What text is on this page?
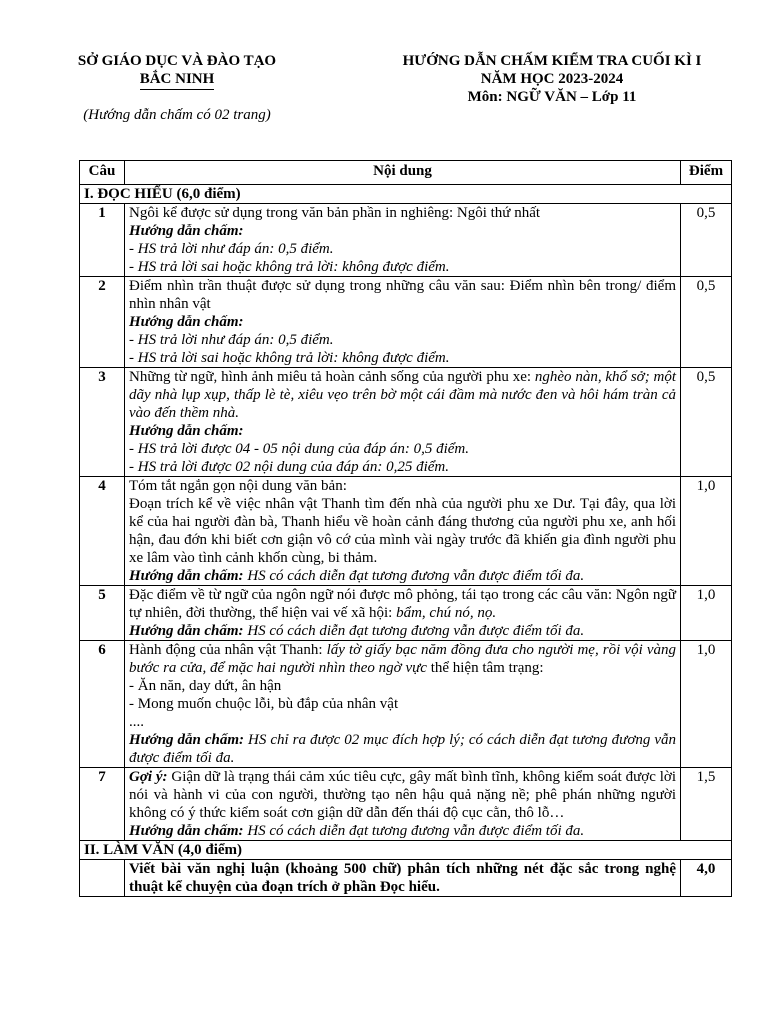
SỞ GIÁO DỤC VÀ ĐÀO TẠO
BẮC NINH
(Hướng dẫn chấm có 02 trang)
HƯỚNG DẪN CHẤM KIỂM TRA CUỐI KÌ I
NĂM HỌC 2023-2024
Môn: NGỮ VĂN – Lớp 11
Câu	Nội dung	Điểm
I. ĐỌC HIỂU (6,0 điểm)		
1	Ngôi kể được sử dụng trong văn bản phần in nghiêng: Ngôi thứ nhất
Hướng dẫn chấm:
- HS trả lời như đáp án: 0,5 điểm.
- HS trả lời sai hoặc không trả lời: không được điểm.	0,5
2	Điểm nhìn trần thuật được sử dụng trong những câu văn sau: Điểm nhìn bên trong/ điểm nhìn nhân vật
Hướng dẫn chấm:
- HS trả lời như đáp án: 0,5 điểm.
- HS trả lời sai hoặc không trả lời: không được điểm.	0,5
3	Những từ ngữ, hình ảnh miêu tả hoàn cảnh sống của người phu xe: nghèo nàn, khổ sở; một dãy nhà lụp xụp, thấp lè tè, xiêu vẹo trên bờ một cái đầm mà nước đen và hôi hám tràn cả vào đến thềm nhà.
Hướng dẫn chấm:
- HS trả lời được 04 - 05 nội dung của đáp án: 0,5 điểm.
- HS trả lời được 02 nội dung của đáp án: 0,25 điểm.	0,5
4	Tóm tắt ngắn gọn nội dung văn bản:
Đoạn trích kể về việc nhân vật Thanh tìm đến nhà của người phu xe Dư. Tại đây, qua lời kể của hai người đàn bà, Thanh hiểu về hoàn cảnh đáng thương của người phu xe, anh hối hận, đau đớn khi biết cơn giận vô cớ của mình vài ngày trước đã khiến gia đình người phu xe lâm vào tình cảnh khốn cùng, bi thảm.
Hướng dẫn chấm: HS có cách diễn đạt tương đương vẫn được điểm tối đa.	1,0
5	Đặc điểm về từ ngữ của ngôn ngữ nói được mô phỏng, tái tạo trong các câu văn: Ngôn ngữ tự nhiên, đời thường, thể hiện vai vế xã hội: bẩm, chú nó, nọ.
Hướng dẫn chấm: HS có cách diễn đạt tương đương vẫn được điểm tối đa.	1,0
6	Hành động của nhân vật Thanh: lấy tờ giấy bạc năm đồng đưa cho người mẹ, rồi vội vàng bước ra cửa, để mặc hai người nhìn theo ngờ vực thể hiện tâm trạng:
- Ăn năn, day dứt, ân hận
- Mong muốn chuộc lỗi, bù đắp của nhân vật
....
Hướng dẫn chấm: HS chỉ ra được 02 mục đích hợp lý; có cách diễn đạt tương đương vẫn được điểm tối đa.	1,0
7	Gợi ý: Giận dữ là trạng thái cảm xúc tiêu cực, gây mất bình tĩnh, không kiểm soát được lời nói và hành vi của con người, thường tạo nên hậu quả nặng nề; phê phán những người không có ý thức kiểm soát cơn giận dữ dẫn đến thái độ cục cằn, thô lỗ…
Hướng dẫn chấm: HS có cách diễn đạt tương đương vẫn được điểm tối đa.	1,5
II. LÀM VĂN (4,0 điểm)		
	Viết bài văn nghị luận (khoảng 500 chữ) phân tích những nét đặc sắc trong nghệ thuật kể chuyện của đoạn trích ở phần Đọc hiểu.	4,0
